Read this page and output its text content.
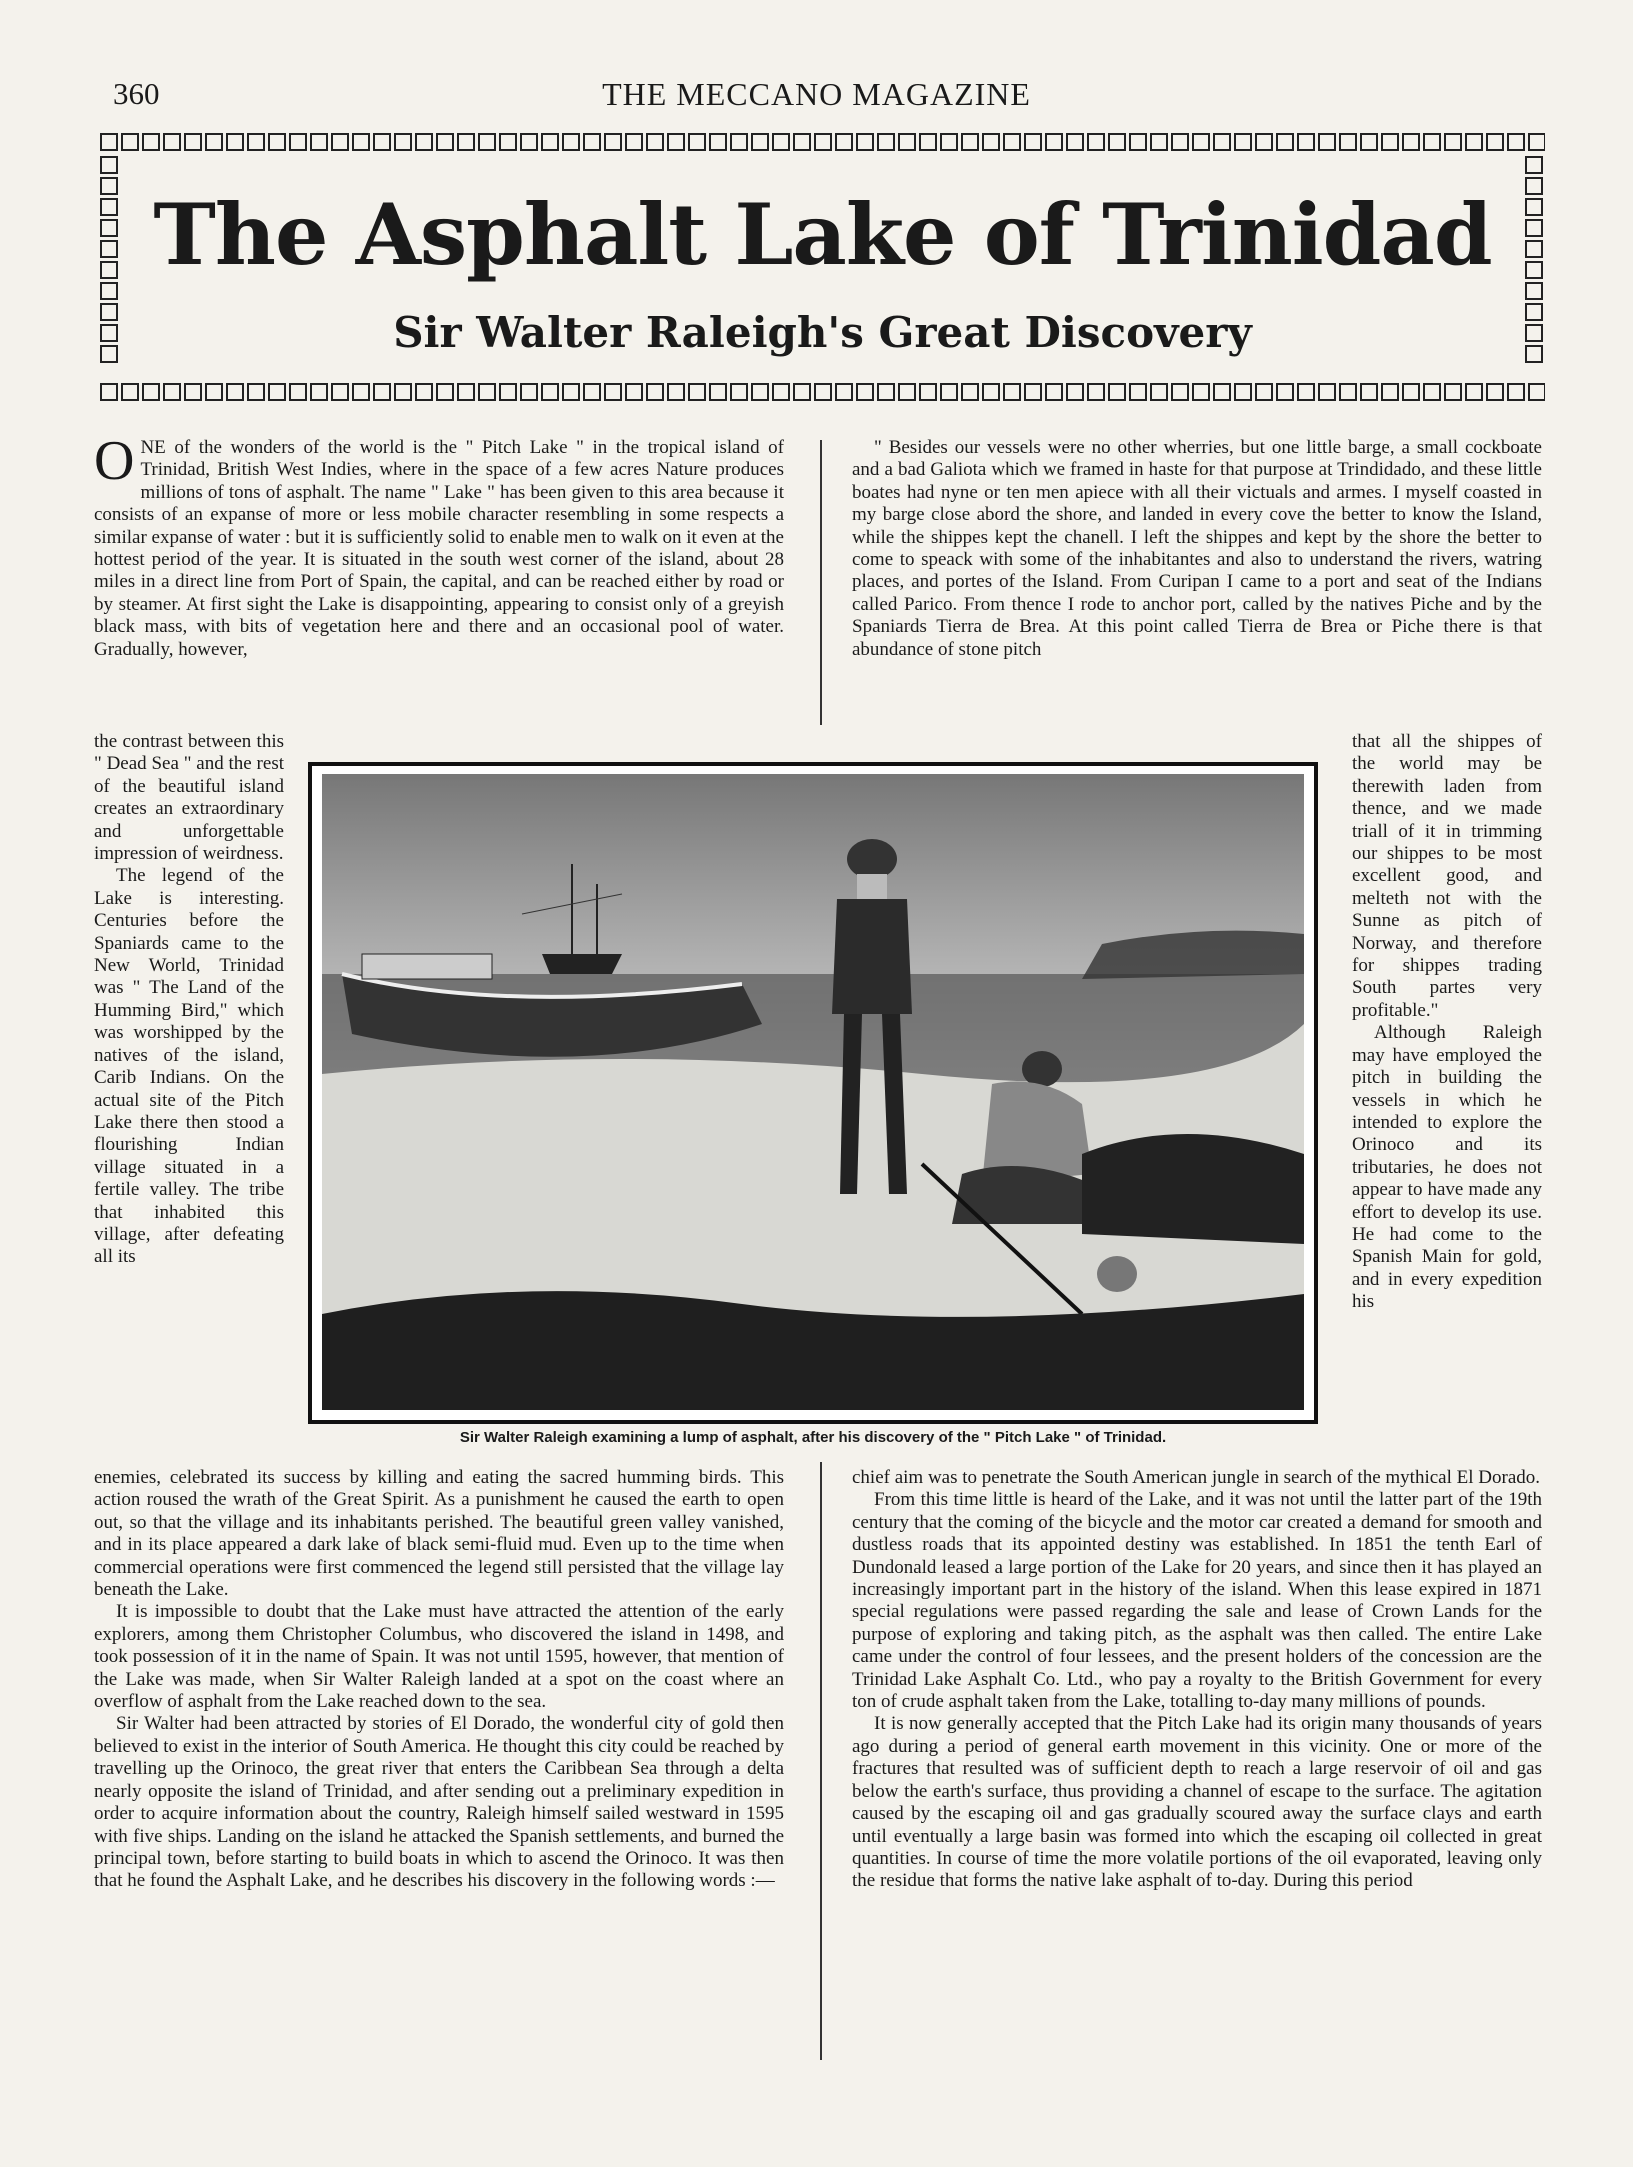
360	THE MECCANO MAGAZINE
The Asphalt Lake of Trinidad
Sir Walter Raleigh's Great Discovery

ONE of the wonders of the world is the " Pitch Lake " in the tropical island of Trinidad, British West Indies, where in the space of a few acres Nature produces millions of tons of asphalt. The name " Lake " has been given to this area because it consists of an expanse of more or less mobile character resembling in some respects a similar expanse of water : but it is sufficiently solid to enable men to walk on it even at the hottest period of the year. It is situated in the south west corner of the island, about 28 miles in a direct line from Port of Spain, the capital, and can be reached either by road or by steamer. At first sight the Lake is disappointing, appearing to consist only of a greyish black mass, with bits of vegetation here and there and an occasional pool of water. Gradually, however,

the contrast between this " Dead Sea " and the rest of the beautiful island creates an extraordinary and unforgettable impression of weirdness.

The legend of the Lake is interesting. Centuries before the Spaniards came to the New World, Trinidad was " The Land of the Humming Bird," which was worshipped by the natives of the island, Carib Indians. On the actual site of the Pitch Lake there then stood a flourishing Indian village situated in a fertile valley. The tribe that inhabited this village, after defeating all its

enemies, celebrated its success by killing and eating the sacred humming birds. This action roused the wrath of the Great Spirit. As a punishment he caused the earth to open out, so that the village and its inhabitants perished. The beautiful green valley vanished, and in its place appeared a dark lake of black semi-fluid mud. Even up to the time when commercial operations were first commenced the legend still persisted that the village lay beneath the Lake.

It is impossible to doubt that the Lake must have attracted the attention of the early explorers, among them Christopher Columbus, who discovered the island in 1498, and took possession of it in the name of Spain. It was not until 1595, however, that mention of the Lake was made, when Sir Walter Raleigh landed at a spot on the coast where an overflow of asphalt from the Lake reached down to the sea.

Sir Walter had been attracted by stories of El Dorado, the wonderful city of gold then believed to exist in the interior of South America. He thought this city could be reached by travelling up the Orinoco, the great river that enters the Caribbean Sea through a delta nearly opposite the island of Trinidad, and after sending out a preliminary expedition in order to acquire information about the country, Raleigh himself sailed westward in 1595 with five ships. Landing on the island he attacked the Spanish settlements, and burned the principal town, before starting to build boats in which to ascend the Orinoco. It was then that he found the Asphalt Lake, and he describes his discovery in the following words :—

" Besides our vessels were no other wherries, but one little barge, a small cockboate and a bad Galiota which we framed in haste for that purpose at Trindidado, and these little boates had nyne or ten men apiece with all their victuals and armes. I myself coasted in my barge close abord the shore, and landed in every cove the better to know the Island, while the shippes kept the chanell. I left the shippes and kept by the shore the better to come to speack with some of the inhabitantes and also to understand the rivers, watring places, and portes of the Island. From Curipan I came to a port and seat of the Indians called Parico. From thence I rode to anchor port, called by the natives Piche and by the Spaniards Tierra de Brea. At this point called Tierra de Brea or Piche there is that abundance of stone pitch

that all the shippes of the world may be therewith laden from thence, and we made triall of it in trimming our shippes to be most excellent good, and melteth not with the Sunne as pitch of Norway, and therefore for shippes trading South partes very profitable."

Although Raleigh may have employed the pitch in building the vessels in which he intended to explore the Orinoco and its tributaries, he does not appear to have made any effort to develop its use. He had come to the Spanish Main for gold, and in every expedition his

chief aim was to penetrate the South American jungle in search of the mythical El Dorado.

From this time little is heard of the Lake, and it was not until the latter part of the 19th century that the coming of the bicycle and the motor car created a demand for smooth and dustless roads that its appointed destiny was established. In 1851 the tenth Earl of Dundonald leased a large portion of the Lake for 20 years, and since then it has played an increasingly important part in the history of the island. When this lease expired in 1871 special regulations were passed regarding the sale and lease of Crown Lands for the purpose of exploring and taking pitch, as the asphalt was then called. The entire Lake came under the control of four lessees, and the present holders of the concession are the Trinidad Lake Asphalt Co. Ltd., who pay a royalty to the British Government for every ton of crude asphalt taken from the Lake, totalling to-day many millions of pounds.

It is now generally accepted that the Pitch Lake had its origin many thousands of years ago during a period of general earth movement in this vicinity. One or more of the fractures that resulted was of sufficient depth to reach a large reservoir of oil and gas below the earth's surface, thus providing a channel of escape to the surface. The agitation caused by the escaping oil and gas gradually scoured away the surface clays and earth until eventually a large basin was formed into which the escaping oil collected in great quantities. In course of time the more volatile portions of the oil evaporated, leaving only the residue that forms the native lake asphalt of to-day. During this period

Sir Walter Raleigh examining a lump of asphalt, after his discovery of the " Pitch Lake " of Trinidad.
